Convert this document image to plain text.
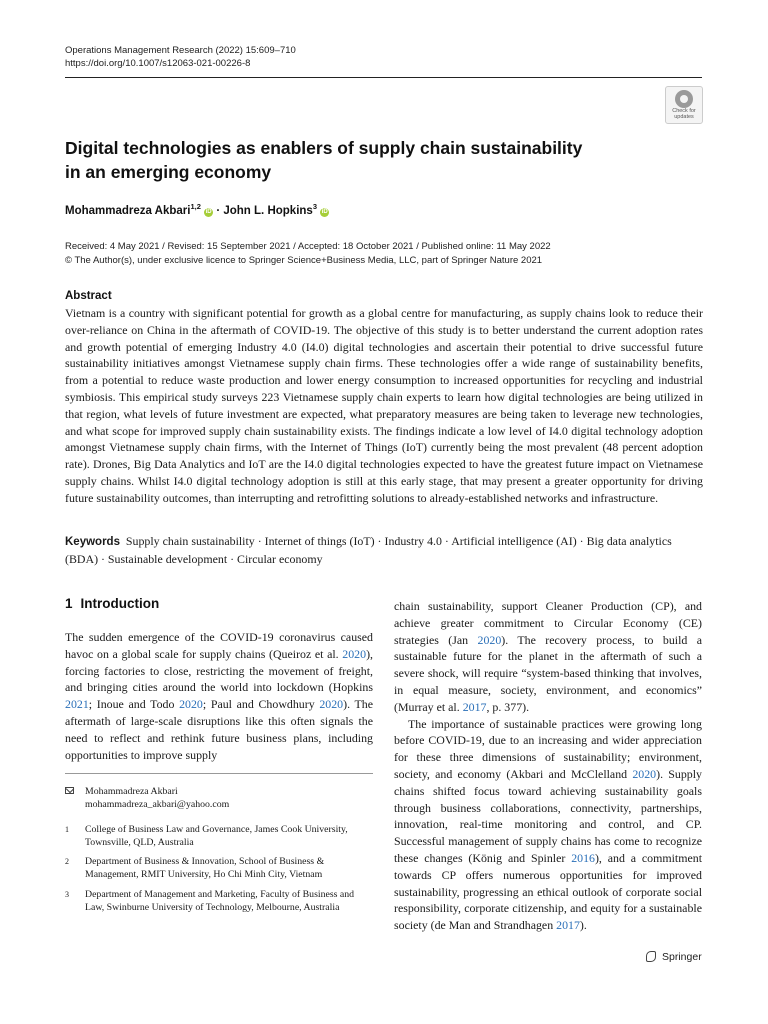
Operations Management Research (2022) 15:609–710
https://doi.org/10.1007/s12063-021-00226-8
Check for
updates
Digital technologies as enablers of supply chain sustainability
in an emerging economy
Mohammadreza Akbari$^{1,2}$ iD · John L. Hopkins$^3$ iD
Received: 4 May 2021 / Revised: 15 September 2021 / Accepted: 18 October 2021 / Published online: 11 May 2022
© The Author(s), under exclusive licence to Springer Science+Business Media, LLC, part of Springer Nature 2021
Abstract
Vietnam is a country with significant potential for growth as a global centre for manufacturing, as supply chains look to reduce their over-reliance on China in the aftermath of COVID-19. The objective of this study is to better understand the current adoption rates and growth potential of emerging Industry 4.0 (I4.0) digital technologies and ascertain their potential to drive successful future sustainability initiatives amongst Vietnamese supply chain firms. These technologies offer a wide range of sustainability benefits, from a potential to reduce waste production and lower energy consumption to increased opportunities for recycling and industrial symbiosis. This empirical study surveys 223 Vietnamese supply chain experts to learn how digital technologies are being utilized in that region, what levels of future investment are expected, what preparatory measures are being taken to leverage new technologies, and what scope for improved supply chain sustainability exists. The findings indicate a low level of I4.0 digital technology adoption amongst Vietnamese supply chain firms, with the Internet of Things (IoT) currently being the most prevalent (48 percent adoption rate). Drones, Big Data Analytics and IoT are the I4.0 digital technologies expected to have the greatest future impact on Vietnamese supply chains. Whilst I4.0 digital technology adoption is still at this early stage, that may present a greater opportunity for driving future sustainability outcomes, than interrupting and retrofitting solutions to already-established networks and infrastructure.
Keywords Supply chain sustainability · Internet of things (IoT) · Industry 4.0 · Artificial intelligence (AI) · Big data analytics (BDA) · Sustainable development · Circular economy
1 Introduction

The sudden emergence of the COVID-19 coronavirus caused havoc on a global scale for supply chains (Queiroz et al. 2020), forcing factories to close, restricting the movement of freight, and bringing cities around the world into lockdown (Hopkins 2021; Inoue and Todo 2020; Paul and Chowdhury 2020). The aftermath of large-scale disruptions like this often signals the need to reflect and rethink future business plans, including opportunities to improve supply

chain sustainability, support Cleaner Production (CP), and achieve greater commitment to Circular Economy (CE) strategies (Jan 2020). The recovery process, to build a sustainable future for the planet in the aftermath of such a severe shock, will require “system-based thinking that involves, in equal measure, society, environment, and economics” (Murray et al. 2017, p. 377).

The importance of sustainable practices were growing long before COVID-19, due to an increasing and wider appreciation for these three dimensions of sustainability; environment, society, and economy (Akbari and McClelland 2020). Supply chains shifted focus toward achieving sustainability goals through business collaborations, connectivity, partnerships, innovation, real-time monitoring and control, and CP. Successful management of supply chains has come to recognize these changes (König and Spinler 2016), and a commitment towards CP offers numerous opportunities for improved sustainability, progressing an ethical outlook of corporate social responsibility, corporate citizenship, and equity for a sustainable society (de Man and Strandhagen 2017).

Mohammadreza Akbari
mohammadreza_akbari@yahoo.com
1	College of Business Law and Governance, James Cook University, Townsville, QLD, Australia
2	Department of Business & Innovation, School of Business & Management, RMIT University, Ho Chi Minh City, Vietnam
3	Department of Management and Marketing, Faculty of Business and Law, Swinburne University of Technology, Melbourne, Australia
Springer
